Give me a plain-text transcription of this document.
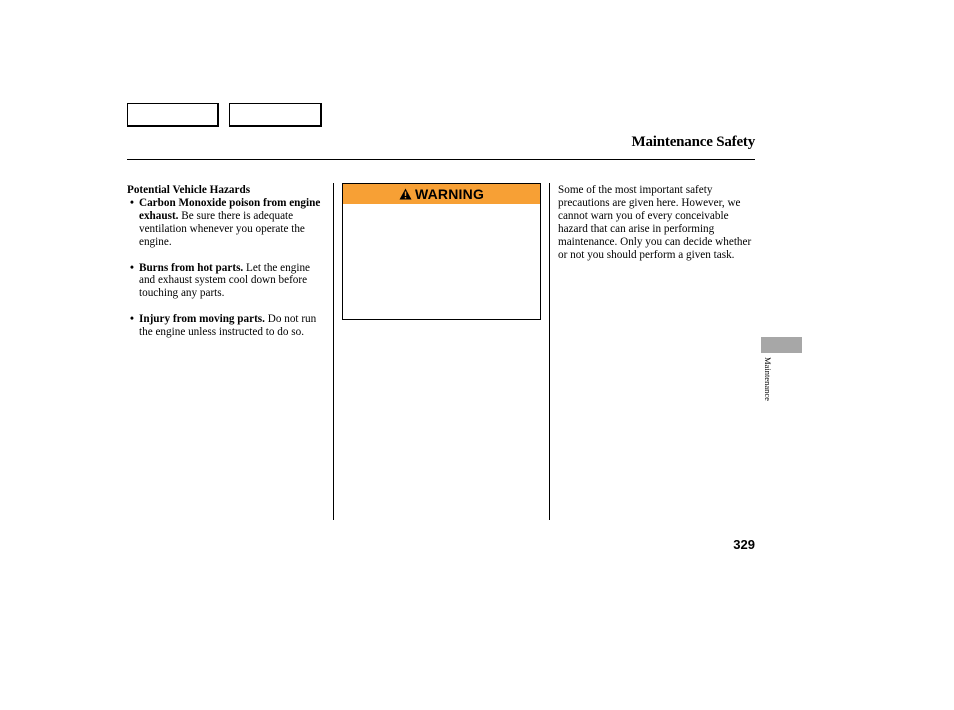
Maintenance Safety
Potential Vehicle Hazards
• Carbon Monoxide poison from engine exhaust. Be sure there is adequate ventilation whenever you operate the engine.
• Burns from hot parts. Let the engine and exhaust system cool down before touching any parts.
• Injury from moving parts. Do not run the engine unless instructed to do so.
WARNING	Some of the most important safety precautions are given here. However, we cannot warn you of every conceivable hazard that can arise in performing maintenance. Only you can decide whether or not you should perform a given task.
Maintenance
329
